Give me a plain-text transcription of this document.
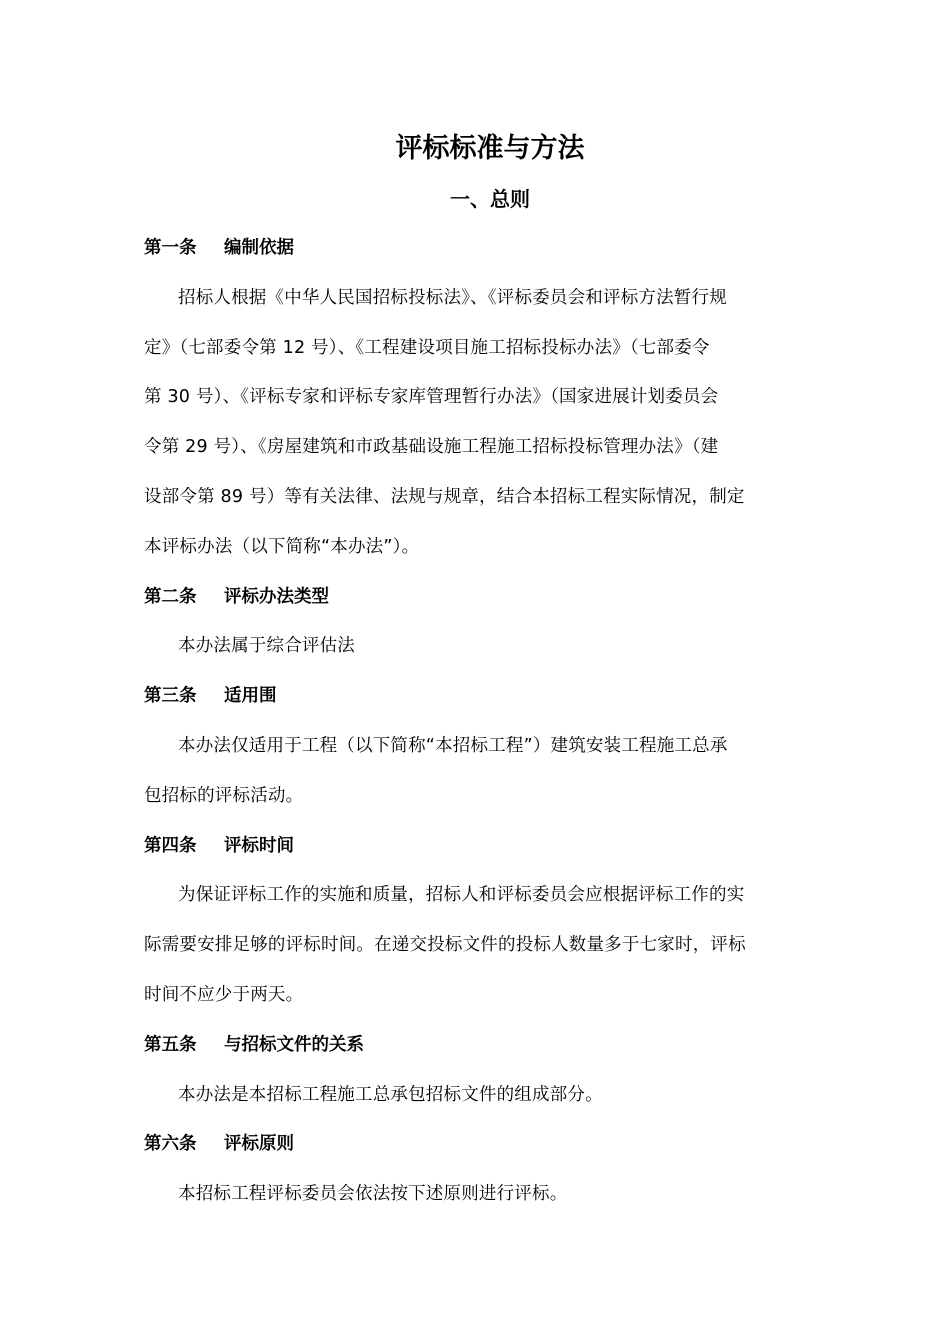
评标标准与方法
一、总则
第一条 编制依据
招标人根据《中华人民国招标投标法》、《评标委员会和评标方法暂行规
定》（七部委令第 12 号）、《工程建设项目施工招标投标办法》（七部委令
第 30 号）、《评标专家和评标专家库管理暂行办法》（国家进展计划委员会
令第 29 号）、《房屋建筑和市政基础设施工程施工招标投标管理办法》（建
设部令第 89 号）等有关法律、法规与规章，结合本招标工程实际情况，制定
本评标办法（以下简称“本办法”）。
第二条 评标办法类型
本办法属于综合评估法
第三条 适用围
本办法仅适用于工程（以下简称“本招标工程”）建筑安装工程施工总承
包招标的评标活动。
第四条 评标时间
为保证评标工作的实施和质量，招标人和评标委员会应根据评标工作的实
际需要安排足够的评标时间。在递交投标文件的投标人数量多于七家时，评标
时间不应少于两天。
第五条 与招标文件的关系
本办法是本招标工程施工总承包招标文件的组成部分。
第六条 评标原则
本招标工程评标委员会依法按下述原则进行评标。
